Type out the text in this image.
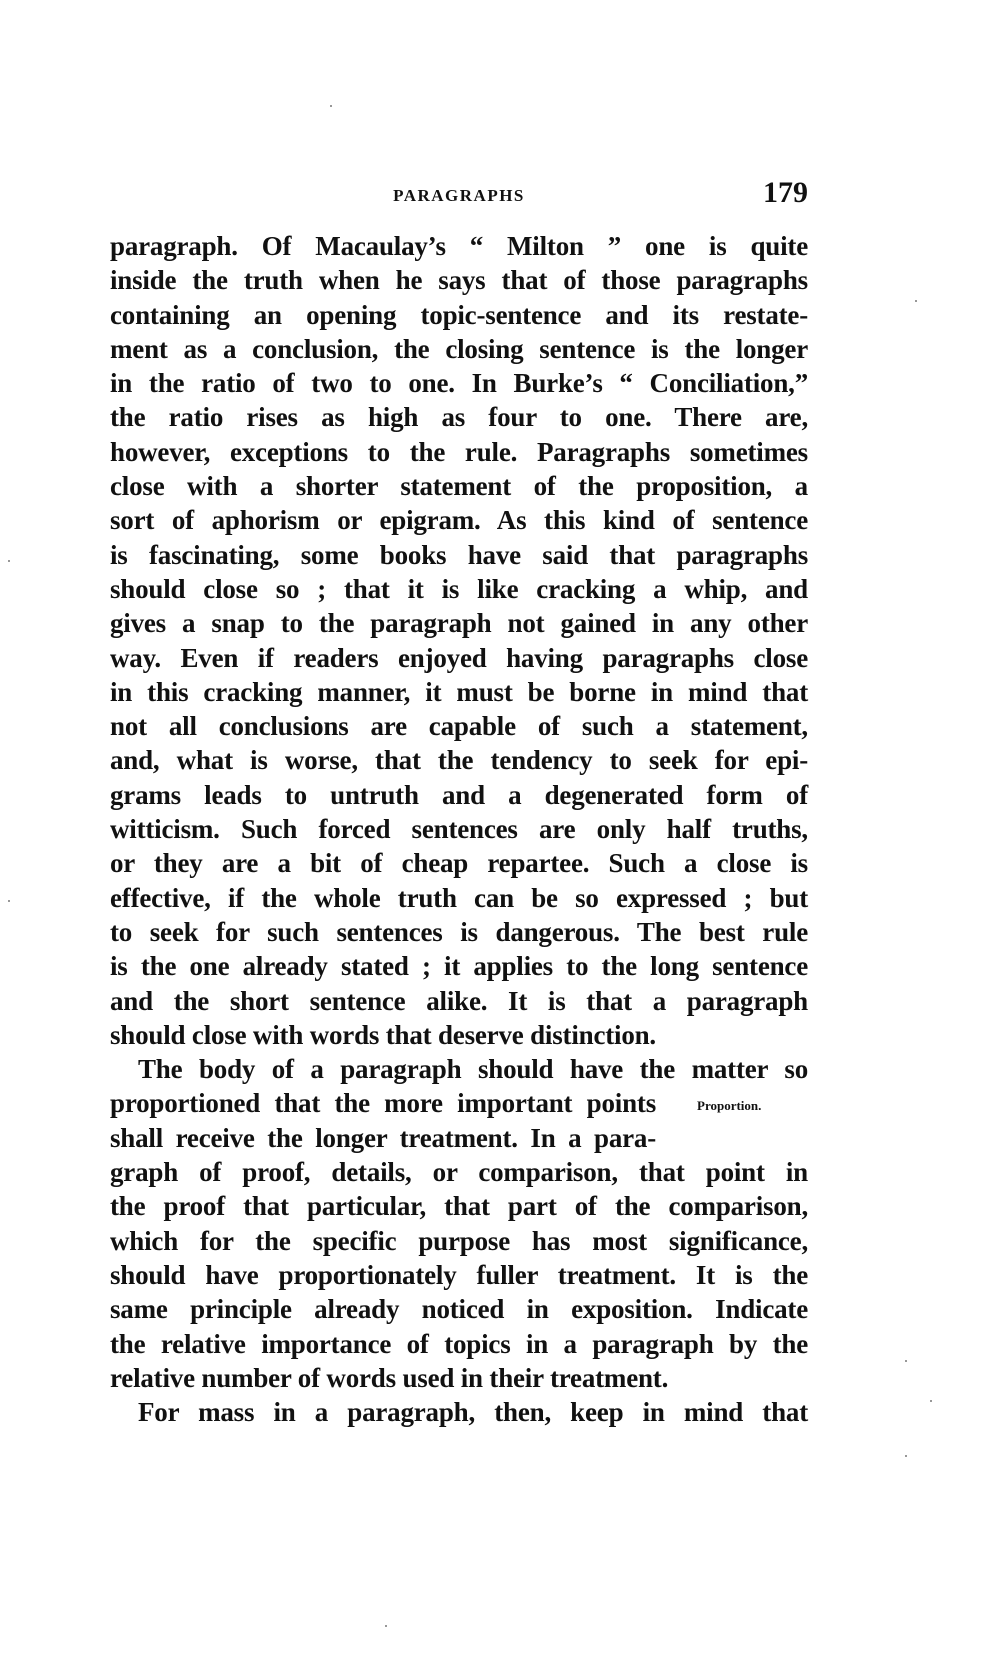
PARAGRAPHS	179
paragraph. Of Macaulay’s “ Milton ” one is quite
inside the truth when he says that of those paragraphs
containing an opening topic-sentence and its restate-
ment as a conclusion, the closing sentence is the longer
in the ratio of two to one. In Burke’s “ Conciliation,”
the ratio rises as high as four to one. There are,
however, exceptions to the rule. Paragraphs sometimes
close with a shorter statement of the proposition, a
sort of aphorism or epigram. As this kind of sentence
is fascinating, some books have said that paragraphs
should close so ; that it is like cracking a whip, and
gives a snap to the paragraph not gained in any other
way. Even if readers enjoyed having paragraphs close
in this cracking manner, it must be borne in mind that
not all conclusions are capable of such a statement,
and, what is worse, that the tendency to seek for epi-
grams leads to untruth and a degenerated form of
witticism. Such forced sentences are only half truths,
or they are a bit of cheap repartee. Such a close is
effective, if the whole truth can be so expressed ; but
to seek for such sentences is dangerous. The best rule
is the one already stated ; it applies to the long sentence
and the short sentence alike. It is that a paragraph
should close with words that deserve distinction.
The body of a paragraph should have the matter so
proportioned that the more important points
shall receive the longer treatment. In a para-
graph of proof, details, or comparison, that point in
the proof that particular, that part of the comparison,
which for the specific purpose has most significance,
should have proportionately fuller treatment. It is the
same principle already noticed in exposition. Indicate
the relative importance of topics in a paragraph by the
relative number of words used in their treatment.
For mass in a paragraph, then, keep in mind that
Proportion.
